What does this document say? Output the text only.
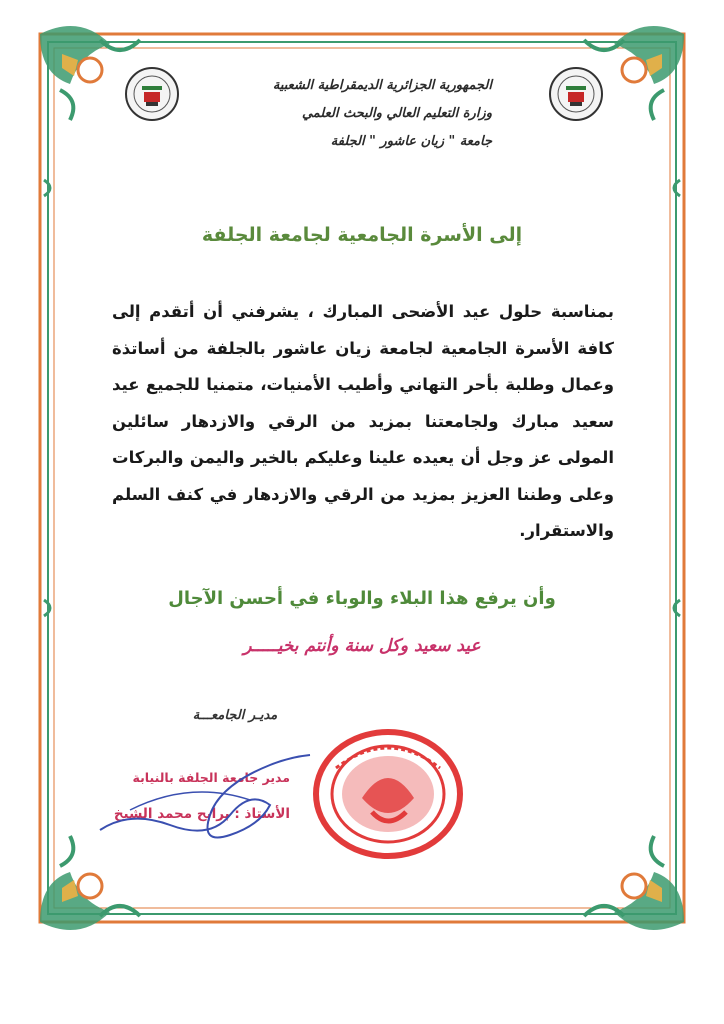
الجمهورية الجزائرية الديمقراطية الشعبية
وزارة التعليم العالي والبحث العلمي
جامعة " زيان عاشور " الجلفة
إلى الأسرة الجامعية لجامعة الجلفة
بمناسبة حلول عيد الأضحى المبارك ، يشرفني أن أتقدم إلى كافة الأسرة الجامعية لجامعة زيان عاشور بالجلفة من أساتذة وعمال وطلبة بأحر التهاني وأطيب الأمنيات، متمنيا للجميع عيد سعيد مبارك ولجامعتنا بمزيد من الرقي والازدهار سائلين المولى عز وجل أن يعيده علينا وعليكم بالخير واليمن والبركات وعلى وطننا العزيز بمزيد من الرقي والازدهار في كنف السلم والاستقرار.
وأن يرفع هذا البلاء والوباء في أحسن الآجال
عيد سعيد وكل سنة وأنتم بخيـــــر
مديـر الجامعـــة
مدير جامعة الجلفة بالنيابة
الأستاذ : برابح محمد الشيخ
